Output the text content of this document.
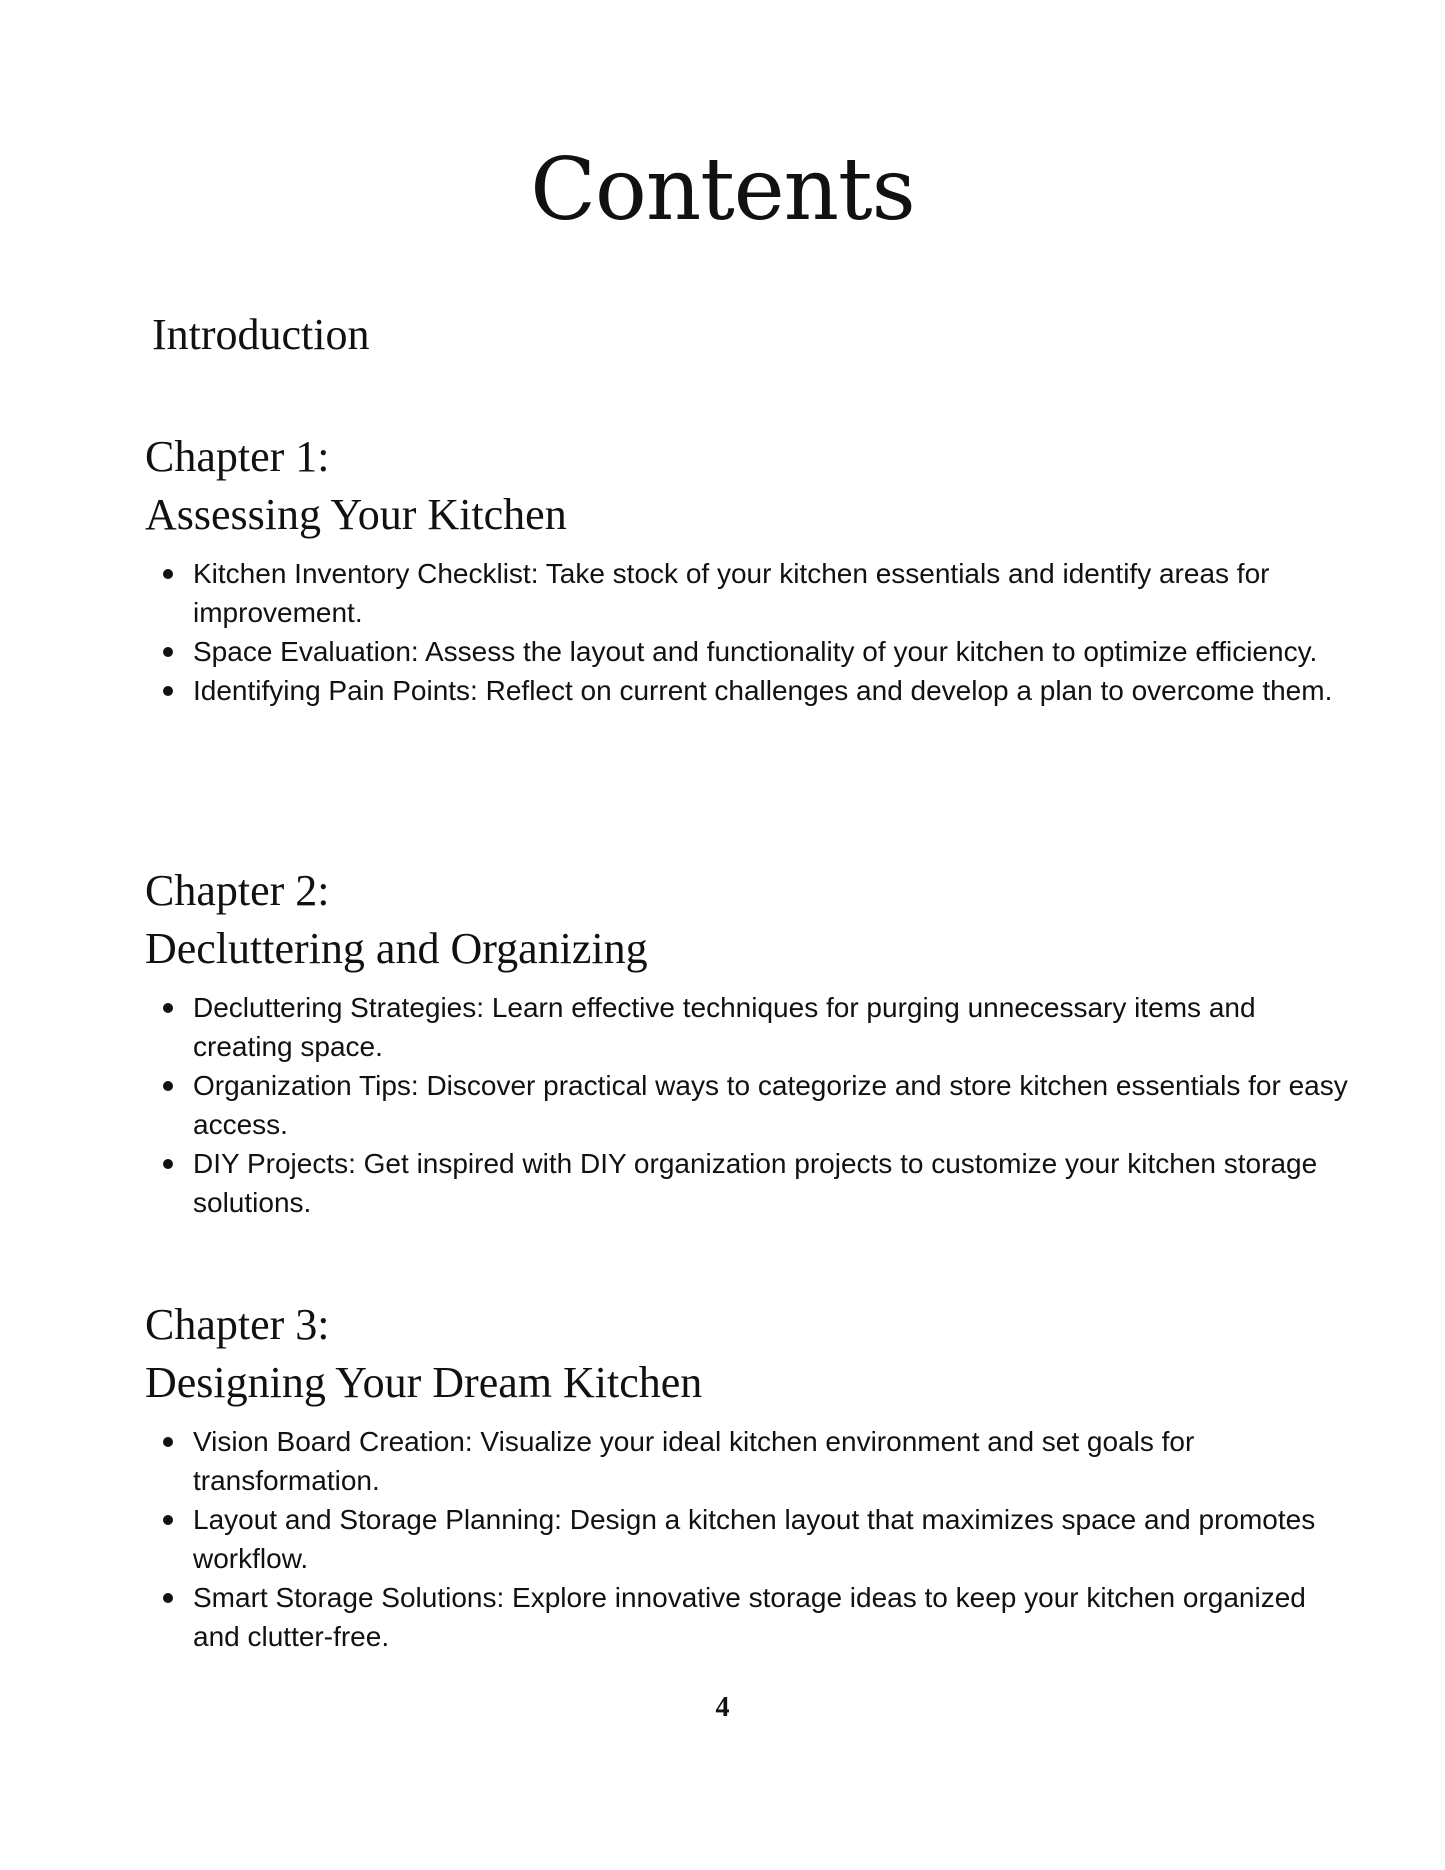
Contents
Introduction
Chapter 1:
Assessing Your Kitchen
Kitchen Inventory Checklist: Take stock of your kitchen essentials and identify areas for improvement.
Space Evaluation: Assess the layout and functionality of your kitchen to optimize efficiency.
Identifying Pain Points: Reflect on current challenges and develop a plan to overcome them.
Chapter 2:
Decluttering and Organizing
Decluttering Strategies: Learn effective techniques for purging unnecessary items and creating space.
Organization Tips: Discover practical ways to categorize and store kitchen essentials for easy access.
DIY Projects: Get inspired with DIY organization projects to customize your kitchen storage solutions.
Chapter 3:
Designing Your Dream Kitchen
Vision Board Creation: Visualize your ideal kitchen environment and set goals for transformation.
Layout and Storage Planning: Design a kitchen layout that maximizes space and promotes workflow.
Smart Storage Solutions: Explore innovative storage ideas to keep your kitchen organized and clutter-free.
4
